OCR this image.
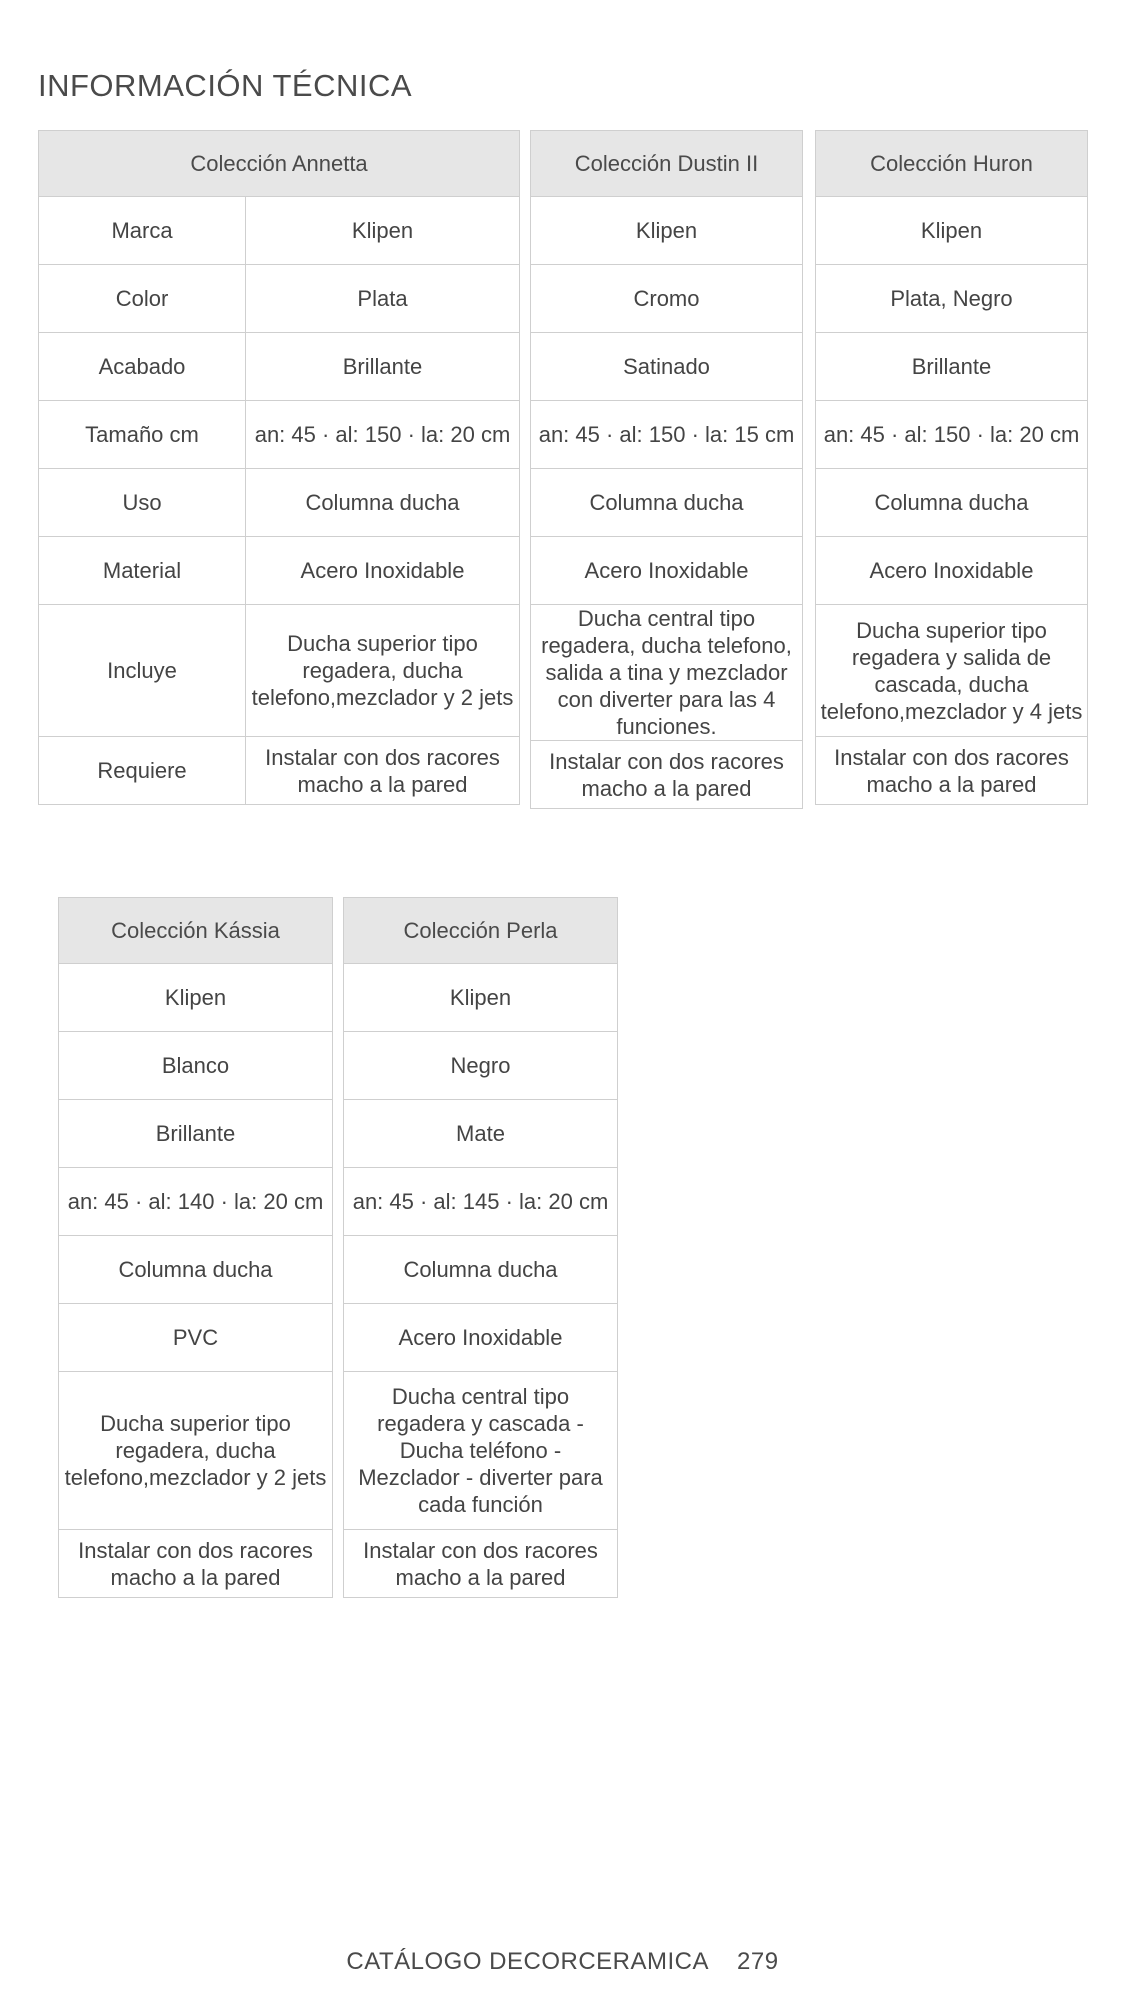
INFORMACIÓN TÉCNICA
Colección Annetta	
Marca	Klipen
Color	Plata
Acabado	Brillante
Tamaño cm	an: 45 · al: 150 · la: 20 cm
Uso	Columna ducha
Material	Acero Inoxidable
Incluye	Ducha superior tipo regadera, ducha telefono,mezclador y 2 jets
Requiere	Instalar con dos racores macho a la pared
Colección Dustin II
Klipen
Cromo
Satinado
an: 45 · al: 150 · la: 15 cm
Columna ducha
Acero Inoxidable
Ducha central tipo regadera, ducha telefono, salida a tina y mezclador con diverter para las 4 funciones.
Instalar con dos racores macho a la pared
Colección Huron
Klipen
Plata, Negro
Brillante
an: 45 · al: 150 · la: 20 cm
Columna ducha
Acero Inoxidable
Ducha superior tipo regadera y salida de cascada, ducha telefono,mezclador y 4 jets
Instalar con dos racores macho a la pared
Colección Kássia
Klipen
Blanco
Brillante
an: 45 · al: 140 · la: 20 cm
Columna ducha
PVC
Ducha superior tipo regadera, ducha telefono,mezclador y 2 jets
Instalar con dos racores macho a la pared
Colección Perla
Klipen
Negro
Mate
an: 45 · al: 145 · la: 20 cm
Columna ducha
Acero Inoxidable
Ducha central tipo regadera y cascada - Ducha teléfono - Mezclador - diverter para cada función
Instalar con dos racores macho a la pared
CATÁLOGO DECORCERAMICA 279
